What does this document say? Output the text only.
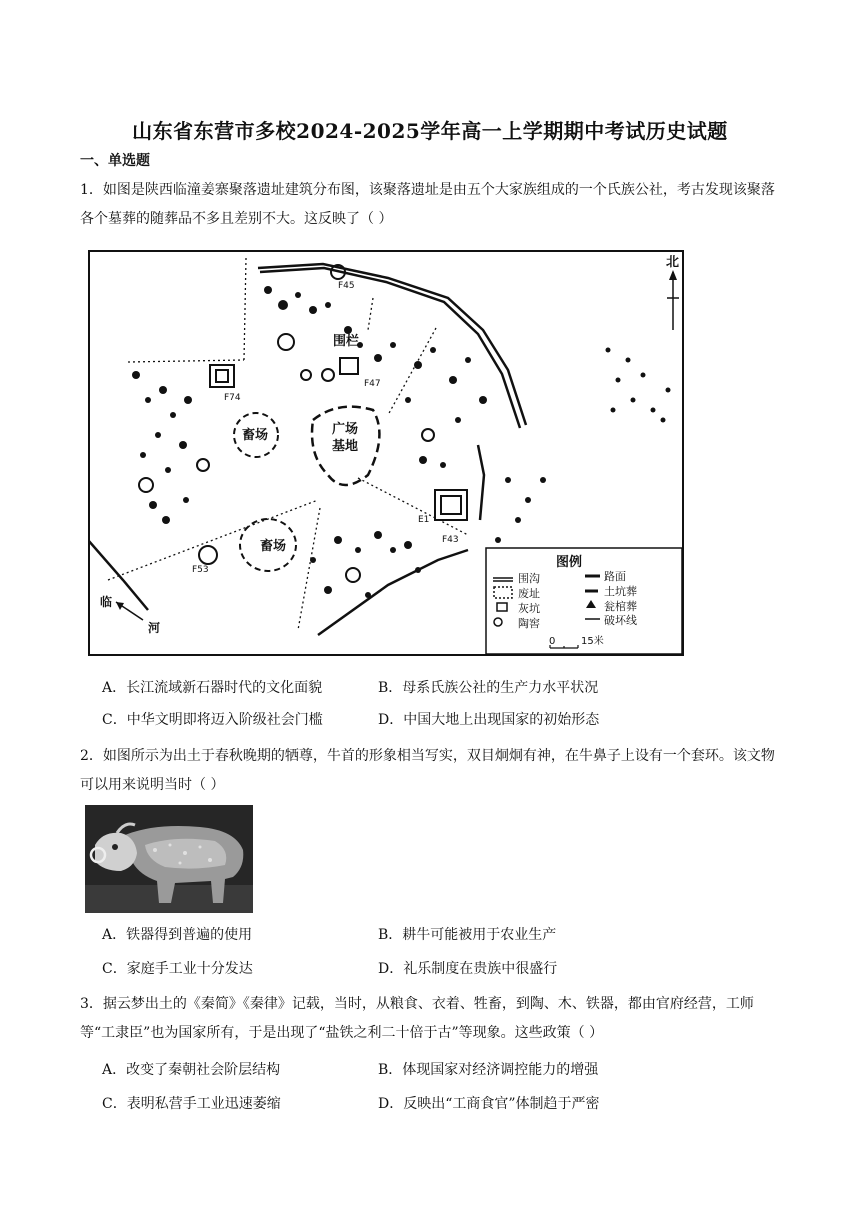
山东省东营市多校2024-2025学年高一上学期期中考试历史试题
一、单选题
1．如图是陕西临潼姜寨聚落遗址建筑分布图，该聚落遗址是由五个大家族组成的一个氏族公社，考古发现该聚落各个墓葬的随葬品不多且差别不大。这反映了（ ）
围栏
广场
基地
畜场
畜场
临
河
F45
F47
F74
F53
F43
E1
图例
围沟
废址
灰坑
陶窖
路面
土坑葬
瓮棺葬
破坏线
0	15米
北
A．长江流域新石器时代的文化面貌	B．母系氏族公社的生产力水平状况
C．中华文明即将迈入阶级社会门槛	D．中国大地上出现国家的初始形态
2．如图所示为出土于春秋晚期的牺尊，牛首的形象相当写实，双目炯炯有神，在牛鼻子上设有一个套环。该文物可以用来说明当时（ ）
A．铁器得到普遍的使用	B．耕牛可能被用于农业生产
C．家庭手工业十分发达	D．礼乐制度在贵族中很盛行
3．据云梦出土的《秦简》《秦律》记载，当时，从粮食、衣着、牲畜，到陶、木、铁器，都由官府经营，工师等“工隶臣”也为国家所有，于是出现了“盐铁之利二十倍于古”等现象。这些政策（ ）
A．改变了秦朝社会阶层结构	B．体现国家对经济调控能力的增强
C．表明私营手工业迅速萎缩	D．反映出“工商食官”体制趋于严密
